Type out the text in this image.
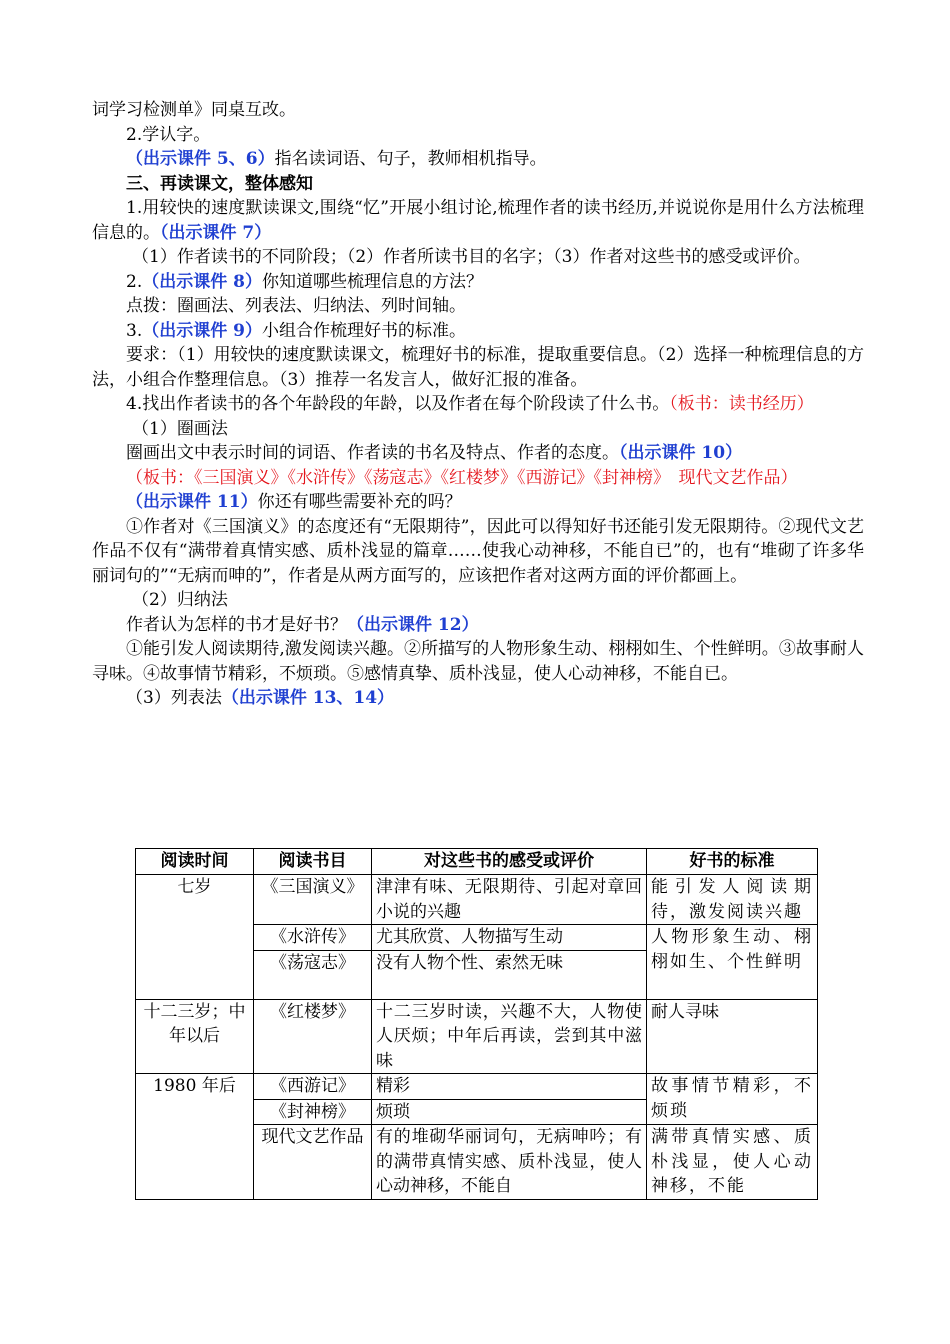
词学习检测单》同桌互改。

2.学认字。

（出示课件 5、6）指名读词语、句子，教师相机指导。

三、再读课文，整体感知

1.用较快的速度默读课文,围绕“忆”开展小组讨论,梳理作者的读书经历,并说说你是用什么方法梳理信息的。（出示课件 7）

（1）作者读书的不同阶段；（2）作者所读书目的名字；（3）作者对这些书的感受或评价。

2.（出示课件 8）你知道哪些梳理信息的方法？

点拨：圈画法、列表法、归纳法、列时间轴。

3.（出示课件 9）小组合作梳理好书的标准。

要求：（1）用较快的速度默读课文，梳理好书的标准，提取重要信息。（2）选择一种梳理信息的方法，小组合作整理信息。（3）推荐一名发言人，做好汇报的准备。

4.找出作者读书的各个年龄段的年龄，以及作者在每个阶段读了什么书。（板书：读书经历）

（1）圈画法

圈画出文中表示时间的词语、作者读的书名及特点、作者的态度。（出示课件 10）

（板书：《三国演义》《水浒传》《荡寇志》《红楼梦》《西游记》《封神榜》　现代文艺作品）

（出示课件 11）你还有哪些需要补充的吗？

①作者对《三国演义》的态度还有“无限期待”，因此可以得知好书还能引发无限期待。②现代文艺作品不仅有“满带着真情实感、质朴浅显的篇章……使我心动神移，不能自已”的，也有“堆砌了许多华丽词句的”“无病而呻的”，作者是从两方面写的，应该把作者对这两方面的评价都画上。

（2）归纳法

作者认为怎样的书才是好书？（出示课件 12）

①能引发人阅读期待,激发阅读兴趣。②所描写的人物形象生动、栩栩如生、个性鲜明。③故事耐人寻味。④故事情节精彩，不烦琐。⑤感情真挚、质朴浅显，使人心动神移，不能自已。

（3）列表法（出示课件 13、14）

阅读时间	阅读书目	对这些书的感受或评价	好书的标准
七岁	《三国演义》	津津有味、无限期待、引起对章回小说的兴趣	能引发人阅读期待，激发阅读兴趣
	《水浒传》	尤其欣赏、人物描写生动	人物形象生动、栩栩如生、个性鲜明
	《荡寇志》	没有人物个性、索然无味	
十二三岁；中年以后	《红楼梦》	十二三岁时读，兴趣不大，人物使人厌烦；中年后再读，尝到其中滋味	耐人寻味
1980 年后	《西游记》	精彩	故事情节精彩，不烦琐
	《封神榜》	烦琐	
	现代文艺作品	有的堆砌华丽词句，无病呻吟；有的满带真情实感、质朴浅显，使人心动神移，不能自	满带真情实感、质朴浅显，使人心动神移，不能
